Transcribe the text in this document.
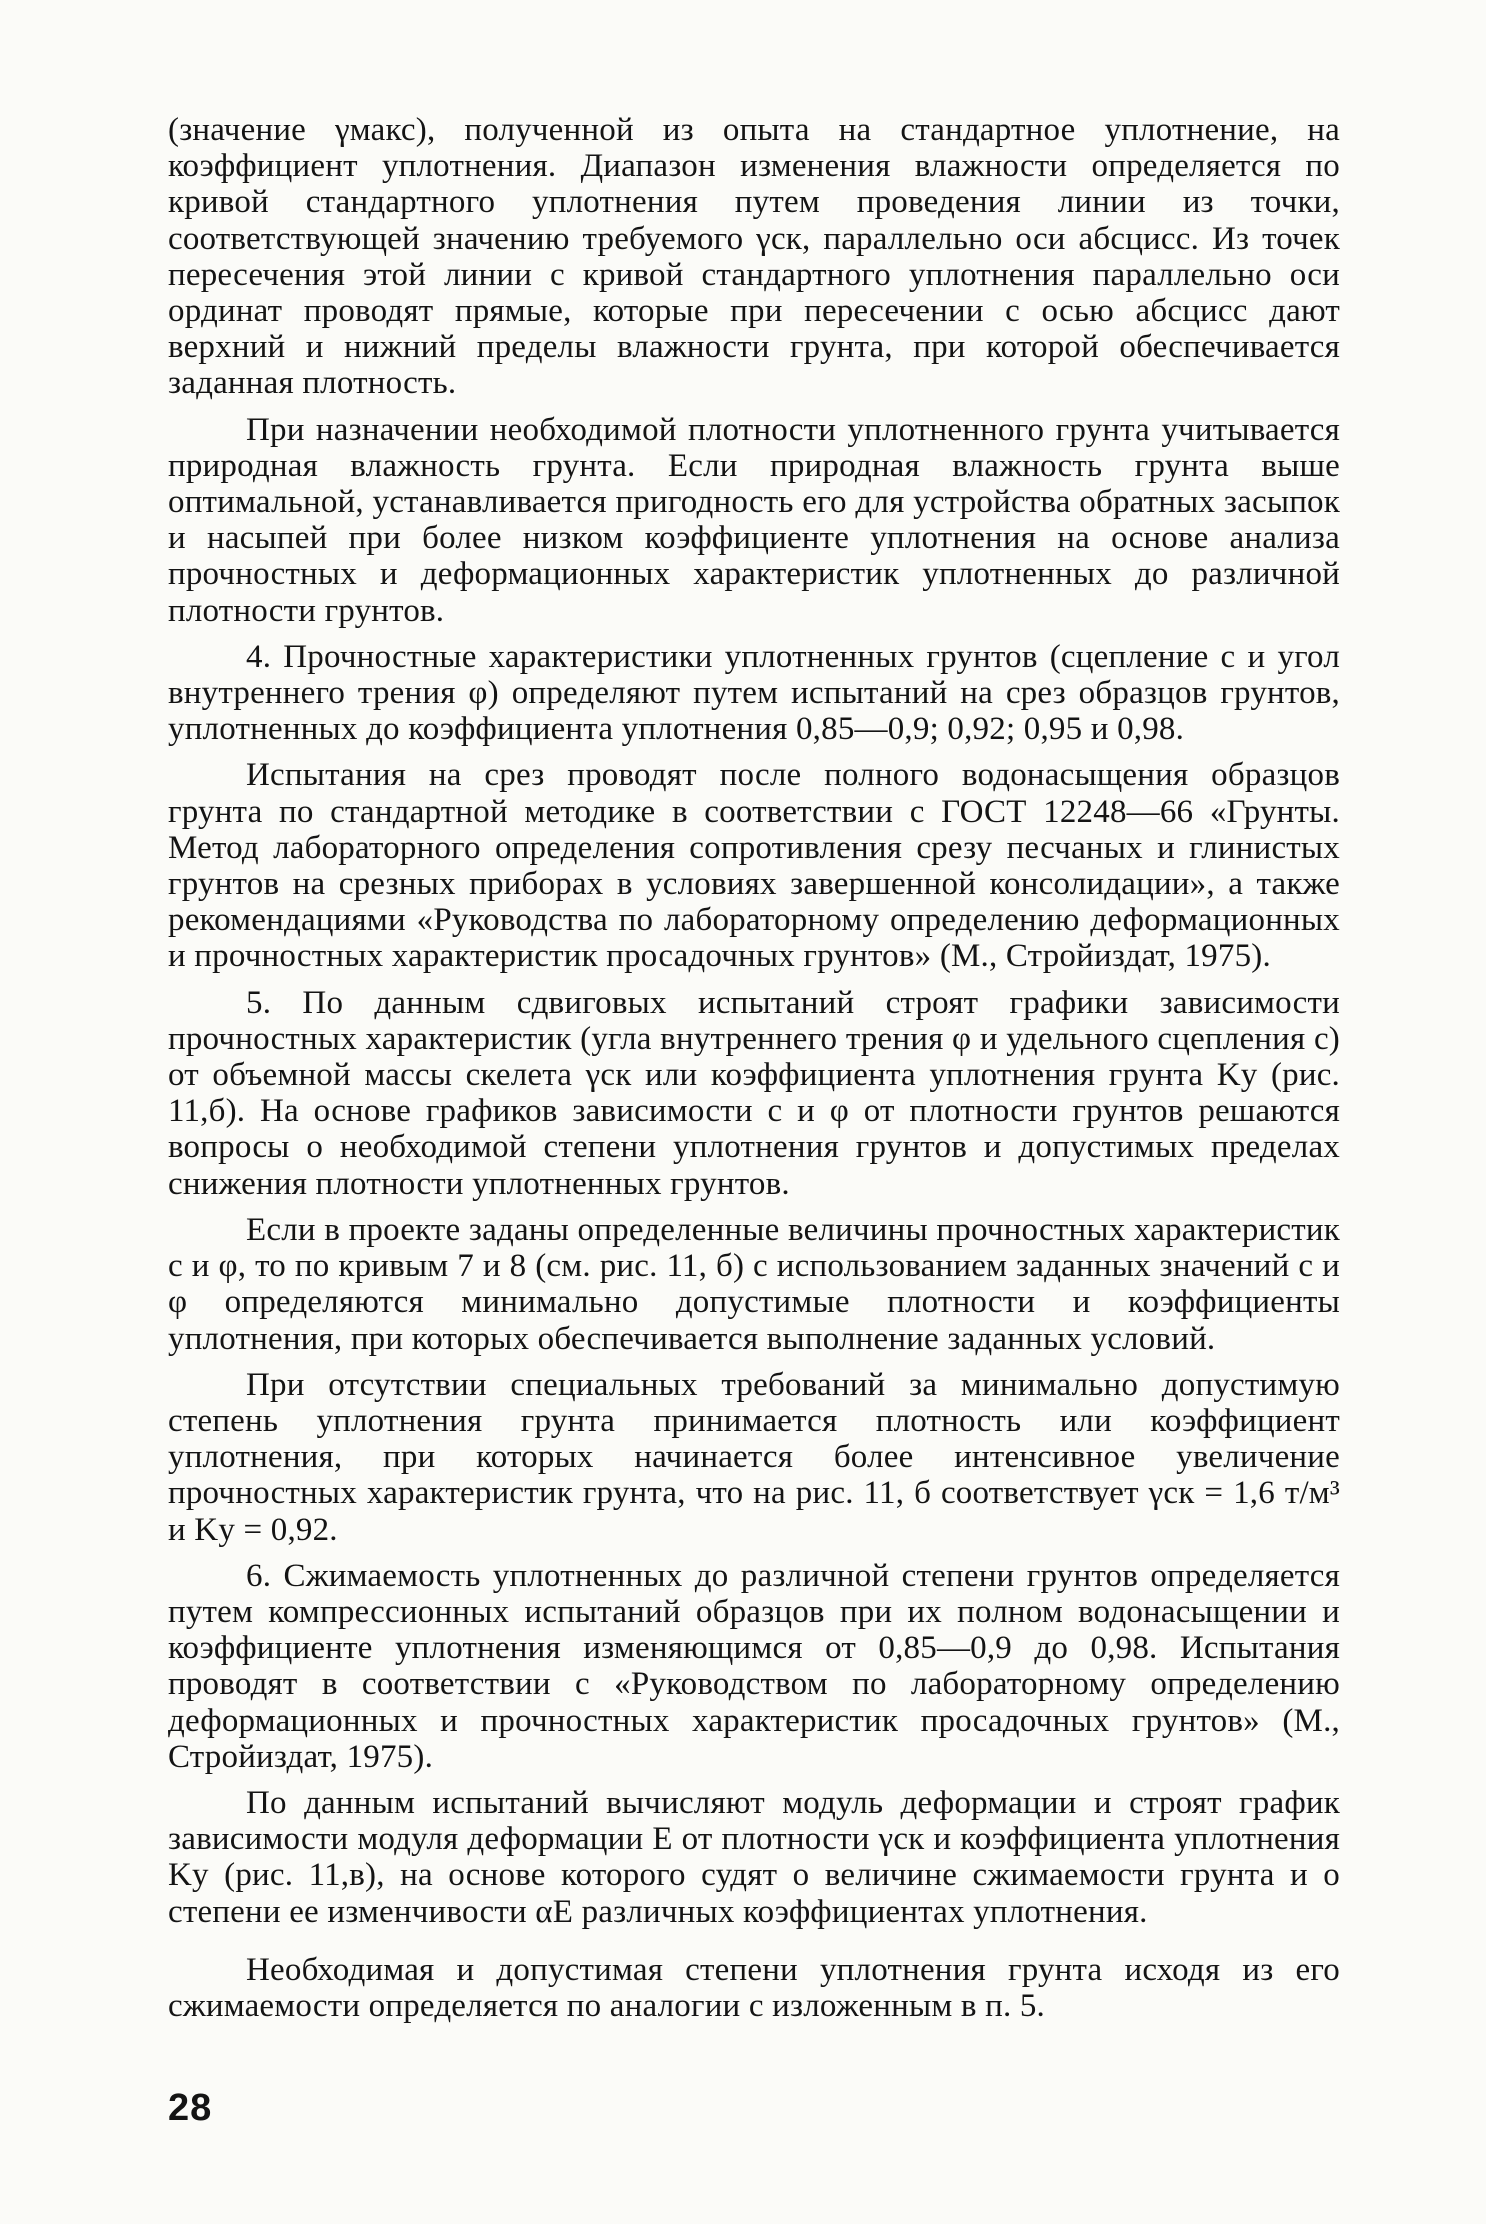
(значение γмакс), полученной из опыта на стандартное уплотнение, на коэффициент уплотнения. Диапазон изменения влажности определяется по кривой стандартного уплотнения путем проведения линии из точки, соответствующей значению требуемого γск, параллельно оси абсцисс. Из точек пересечения этой линии с кривой стандартного уплотнения параллельно оси ординат проводят прямые, которые при пересечении с осью абсцисс дают верхний и нижний пределы влажности грунта, при которой обеспечивается заданная плотность.

При назначении необходимой плотности уплотненного грунта учитывается природная влажность грунта. Если природная влажность грунта выше оптимальной, устанавливается пригодность его для устройства обратных засыпок и насыпей при более низком коэффициенте уплотнения на основе анализа прочностных и деформационных характеристик уплотненных до различной плотности грунтов.

4. Прочностные характеристики уплотненных грунтов (сцепление с и угол внутреннего трения φ) определяют путем испытаний на срез образцов грунтов, уплотненных до коэффициента уплотнения 0,85—0,9; 0,92; 0,95 и 0,98.

Испытания на срез проводят после полного водонасыщения образцов грунта по стандартной методике в соответствии с ГОСТ 12248—66 «Грунты. Метод лабораторного определения сопротивления срезу песчаных и глинистых грунтов на срезных приборах в условиях завершенной консолидации», а также рекомендациями «Руководства по лабораторному определению деформационных и прочностных характеристик просадочных грунтов» (М., Стройиздат, 1975).

5. По данным сдвиговых испытаний строят графики зависимости прочностных характеристик (угла внутреннего трения φ и удельного сцепления с) от объемной массы скелета γск или коэффициента уплотнения грунта Kу (рис. 11,б). На основе графиков зависимости с и φ от плотности грунтов решаются вопросы о необходимой степени уплотнения грунтов и допустимых пределах снижения плотности уплотненных грунтов.

Если в проекте заданы определенные величины прочностных характеристик с и φ, то по кривым 7 и 8 (см. рис. 11, б) с использованием заданных значений с и φ определяются минимально допустимые плотности и коэффициенты уплотнения, при которых обеспечивается выполнение заданных условий.

При отсутствии специальных требований за минимально допустимую степень уплотнения грунта принимается плотность или коэффициент уплотнения, при которых начинается более интенсивное увеличение прочностных характеристик грунта, что на рис. 11, б соответствует γск = 1,6 т/м³ и Kу = 0,92.

6. Сжимаемость уплотненных до различной степени грунтов определяется путем компрессионных испытаний образцов при их полном водонасыщении и коэффициенте уплотнения изменяющимся от 0,85—0,9 до 0,98. Испытания проводят в соответствии с «Руководством по лабораторному определению деформационных и прочностных характеристик просадочных грунтов» (М., Стройиздат, 1975).

По данным испытаний вычисляют модуль деформации и строят график зависимости модуля деформации E от плотности γск и коэффициента уплотнения Kу (рис. 11,в), на основе которого судят о величине сжимаемости грунта и о степени ее изменчивости αE различных коэффициентах уплотнения.

Необходимая и допустимая степени уплотнения грунта исходя из его сжимаемости определяется по аналогии с изложенным в п. 5.

28
